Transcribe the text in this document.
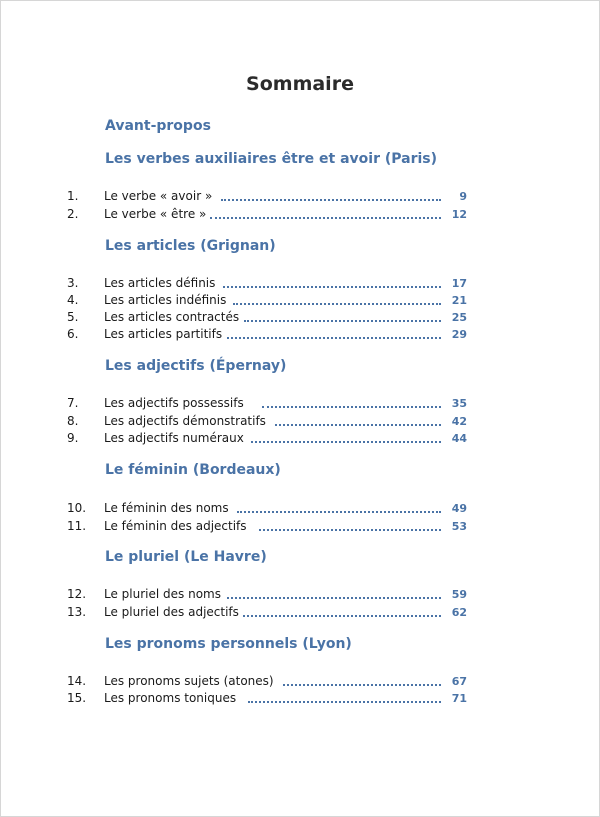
Sommaire
Avant-propos
Les verbes auxiliaires être et avoir (Paris)
1. Le verbe « avoir »	9
2. Le verbe « être »	12
Les articles (Grignan)
3. Les articles définis	17
4. Les articles indéfinis	21
5. Les articles contractés	25
6. Les articles partitifs	29
Les adjectifs (Épernay)
7. Les adjectifs possessifs	35
8. Les adjectifs démonstratifs	42
9. Les adjectifs numéraux	44
Le féminin (Bordeaux)
10. Le féminin des noms	49
11. Le féminin des adjectifs	53
Le pluriel (Le Havre)
12. Le pluriel des noms	59
13. Le pluriel des adjectifs	62
Les pronoms personnels (Lyon)
14. Les pronoms sujets (atones)	67
15. Les pronoms toniques	71
